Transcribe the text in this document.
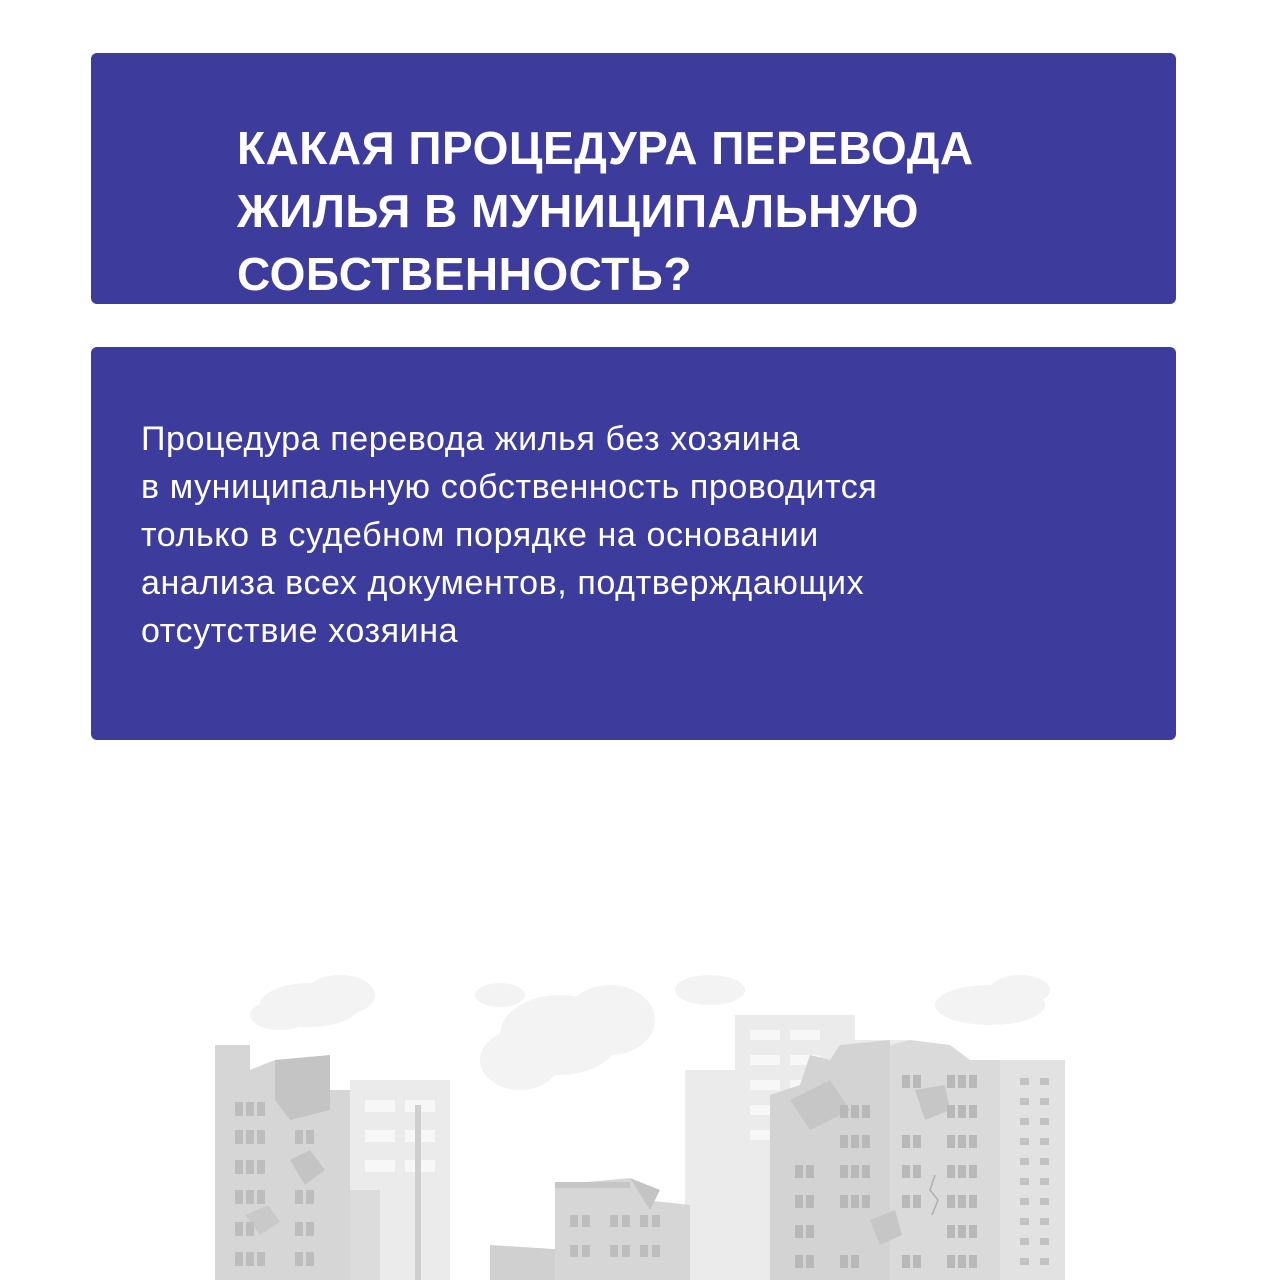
КАКАЯ ПРОЦЕДУРА ПЕРЕВОДА
ЖИЛЬЯ В МУНИЦИПАЛЬНУЮ
СОБСТВЕННОСТЬ?
Процедура перевода жилья без хозяина
в муниципальную собственность проводится
только в судебном порядке на основании
анализа всех документов, подтверждающих
отсутствие хозяина
